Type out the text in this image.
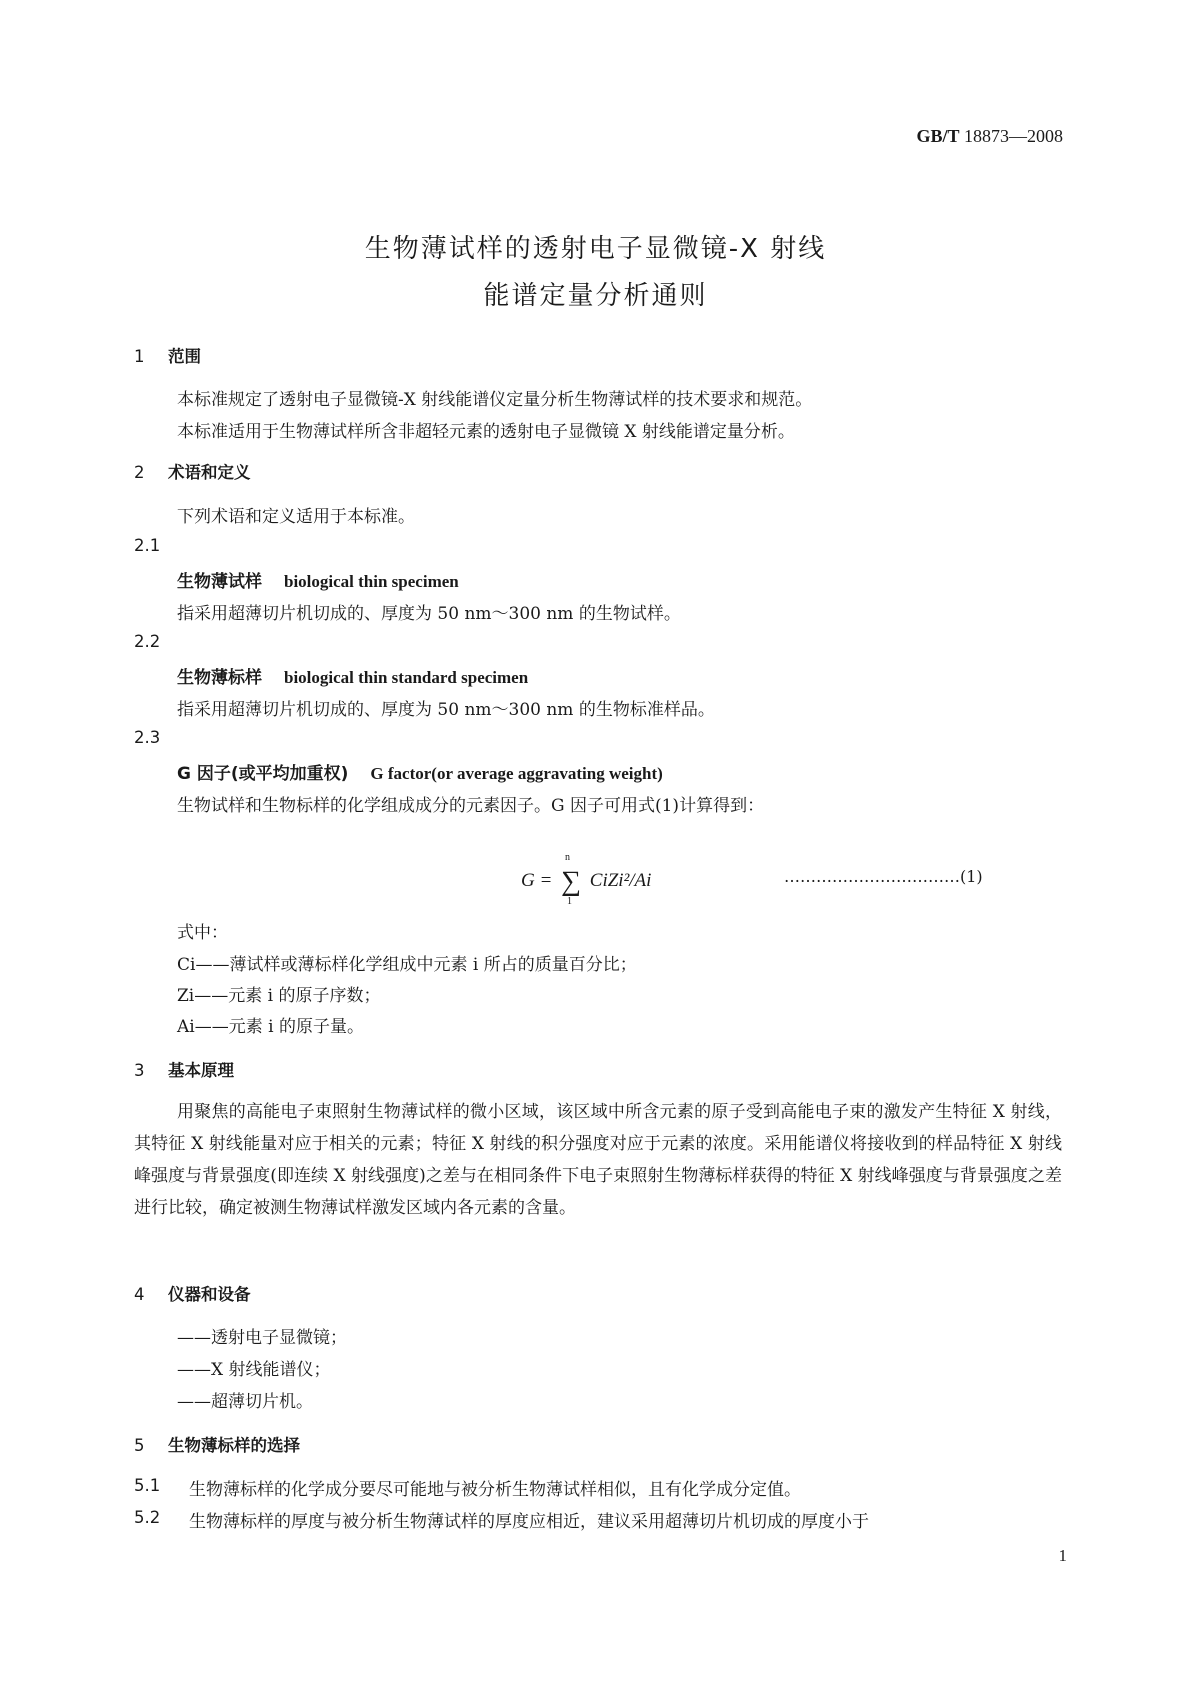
GB/T 18873—2008
生物薄试样的透射电子显微镜-X 射线
能谱定量分析通则
1 范围
本标准规定了透射电子显微镜-X 射线能谱仪定量分析生物薄试样的技术要求和规范。
本标准适用于生物薄试样所含非超轻元素的透射电子显微镜 X 射线能谱定量分析。
2 术语和定义
下列术语和定义适用于本标准。
2.1
生物薄试样 biological thin specimen
指采用超薄切片机切成的、厚度为 50 nm～300 nm 的生物试样。
2.2
生物薄标样 biological thin standard specimen
指采用超薄切片机切成的、厚度为 50 nm～300 nm 的生物标准样品。
2.3
G 因子(或平均加重权) G factor(or average aggravating weight)
生物试样和生物标样的化学组成成分的元素因子。G 因子可用式(1)计算得到：
G = ∑
n
1
CiZi²/Ai	……………………………(1)
式中：
Ci——薄试样或薄标样化学组成中元素 i 所占的质量百分比；
Zi——元素 i 的原子序数；
Ai——元素 i 的原子量。
3 基本原理
用聚焦的高能电子束照射生物薄试样的微小区域，该区域中所含元素的原子受到高能电子束的激发产生特征 X 射线，其特征 X 射线能量对应于相关的元素；特征 X 射线的积分强度对应于元素的浓度。采用能谱仪将接收到的样品特征 X 射线峰强度与背景强度(即连续 X 射线强度)之差与在相同条件下电子束照射生物薄标样获得的特征 X 射线峰强度与背景强度之差进行比较，确定被测生物薄试样激发区域内各元素的含量。
4 仪器和设备
——透射电子显微镜；
——X 射线能谱仪；
——超薄切片机。
5 生物薄标样的选择
5.1 生物薄标样的化学成分要尽可能地与被分析生物薄试样相似，且有化学成分定值。
5.2 生物薄标样的厚度与被分析生物薄试样的厚度应相近，建议采用超薄切片机切成的厚度小于
1
